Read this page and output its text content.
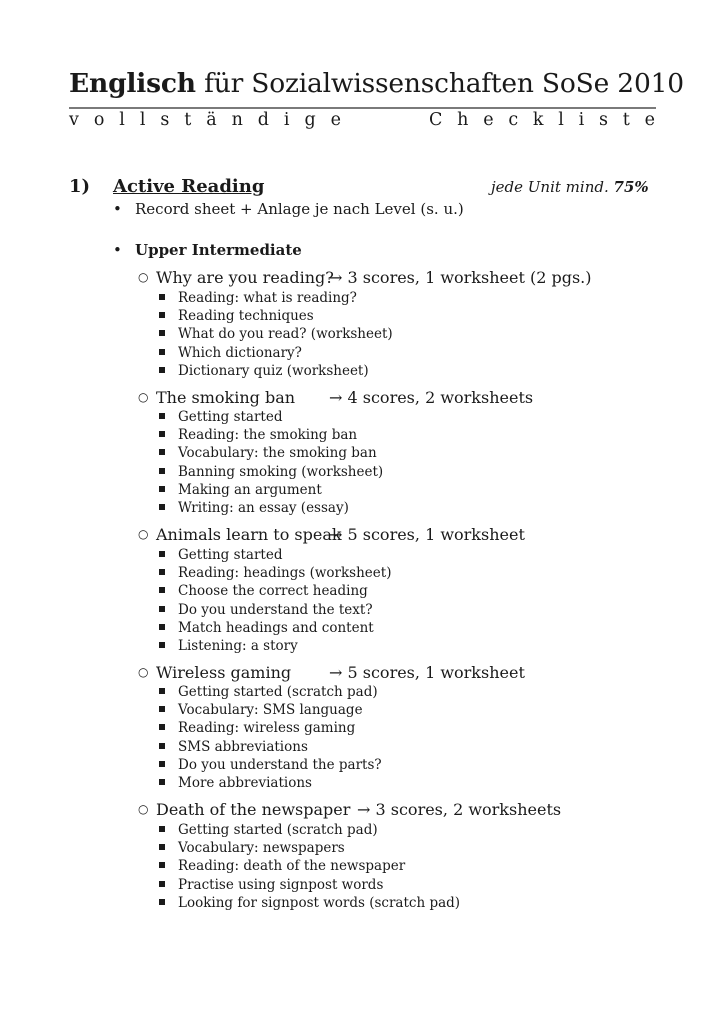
Englisch für Sozialwissenschaften SoSe 2010
v o l l s t ä n d i g e	C h e c k l i s t e
1) Active Reading	jede Unit mind. 75%
• Record sheet + Anlage je nach Level (s. u.)
• Upper Intermediate
○ Why are you reading?
→ 3 scores, 1 worksheet (2 pgs.)
Reading: what is reading?
Reading techniques
What do you read? (worksheet)
Which dictionary?
Dictionary quiz (worksheet)
○ The smoking ban → 4 scores, 2 worksheets
Getting started
Reading: the smoking ban
Vocabulary: the smoking ban
Banning smoking (worksheet)
Making an argument
Writing: an essay (essay)
○ Animals learn to speak
→ 5 scores, 1 worksheet
Getting started
Reading: headings (worksheet)
Choose the correct heading
Do you understand the text?
Match headings and content
Listening: a story
○ Wireless gaming → 5 scores, 1 worksheet
Getting started (scratch pad)
Vocabulary: SMS language
Reading: wireless gaming
SMS abbreviations
Do you understand the parts?
More abbreviations
○ Death of the newspaper → 3 scores, 2 worksheets
Getting started (scratch pad)
Vocabulary: newspapers
Reading: death of the newspaper
Practise using signpost words
Looking for signpost words (scratch pad)
